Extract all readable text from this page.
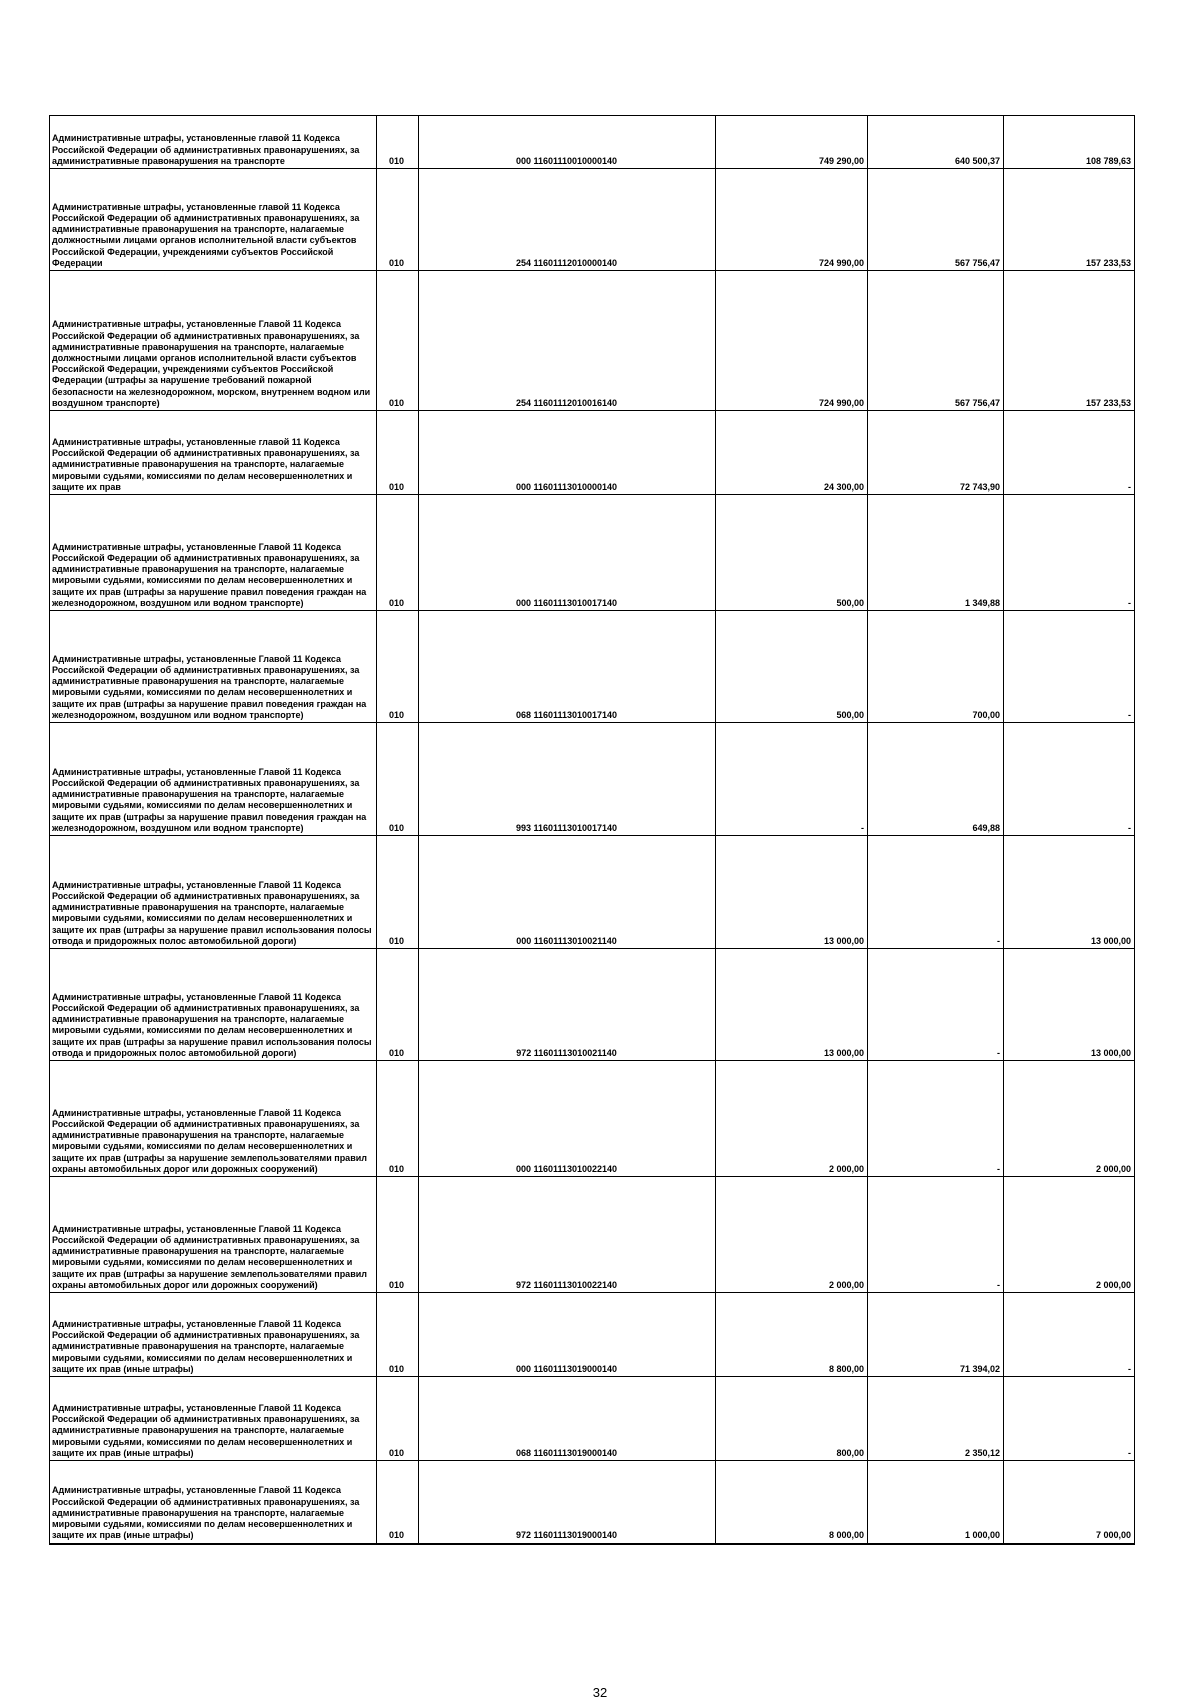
Административные штрафы, установленные главой 11 Кодекса Российской Федерации об административных правонарушениях, за административные правонарушения на транспорте	010	000 11601110010000140	749 290,00	640 500,37	108 789,63
Административные штрафы, установленные главой 11 Кодекса Российской Федерации об административных правонарушениях, за административные правонарушения на транспорте, налагаемые должностными лицами органов исполнительной власти субъектов Российской Федерации, учреждениями субъектов Российской Федерации	010	254 11601112010000140	724 990,00	567 756,47	157 233,53
Административные штрафы, установленные Главой 11 Кодекса Российской Федерации об административных правонарушениях, за административные правонарушения на транспорте, налагаемые должностными лицами органов исполнительной власти субъектов Российской Федерации, учреждениями субъектов Российской Федерации (штрафы за нарушение требований пожарной безопасности на железнодорожном, морском, внутреннем водном или воздушном транспорте)	010	254 11601112010016140	724 990,00	567 756,47	157 233,53
Административные штрафы, установленные главой 11 Кодекса Российской Федерации об административных правонарушениях, за административные правонарушения на транспорте, налагаемые мировыми судьями, комиссиями по делам несовершеннолетних и защите их прав	010	000 11601113010000140	24 300,00	72 743,90	-
Административные штрафы, установленные Главой 11 Кодекса Российской Федерации об административных правонарушениях, за административные правонарушения на транспорте, налагаемые мировыми судьями, комиссиями по делам несовершеннолетних и защите их прав (штрафы за нарушение правил поведения граждан на железнодорожном, воздушном или водном транспорте)	010	000 11601113010017140	500,00	1 349,88	-
Административные штрафы, установленные Главой 11 Кодекса Российской Федерации об административных правонарушениях, за административные правонарушения на транспорте, налагаемые мировыми судьями, комиссиями по делам несовершеннолетних и защите их прав (штрафы за нарушение правил поведения граждан на железнодорожном, воздушном или водном транспорте)	010	068 11601113010017140	500,00	700,00	-
Административные штрафы, установленные Главой 11 Кодекса Российской Федерации об административных правонарушениях, за административные правонарушения на транспорте, налагаемые мировыми судьями, комиссиями по делам несовершеннолетних и защите их прав (штрафы за нарушение правил поведения граждан на железнодорожном, воздушном или водном транспорте)	010	993 11601113010017140	-	649,88	-
Административные штрафы, установленные Главой 11 Кодекса Российской Федерации об административных правонарушениях, за административные правонарушения на транспорте, налагаемые мировыми судьями, комиссиями по делам несовершеннолетних и защите их прав (штрафы за нарушение правил использования полосы отвода и придорожных полос автомобильной дороги)	010	000 11601113010021140	13 000,00	-	13 000,00
Административные штрафы, установленные Главой 11 Кодекса Российской Федерации об административных правонарушениях, за административные правонарушения на транспорте, налагаемые мировыми судьями, комиссиями по делам несовершеннолетних и защите их прав (штрафы за нарушение правил использования полосы отвода и придорожных полос автомобильной дороги)	010	972 11601113010021140	13 000,00	-	13 000,00
Административные штрафы, установленные Главой 11 Кодекса Российской Федерации об административных правонарушениях, за административные правонарушения на транспорте, налагаемые мировыми судьями, комиссиями по делам несовершеннолетних и защите их прав (штрафы за нарушение землепользователями правил охраны автомобильных дорог или дорожных сооружений)	010	000 11601113010022140	2 000,00	-	2 000,00
Административные штрафы, установленные Главой 11 Кодекса Российской Федерации об административных правонарушениях, за административные правонарушения на транспорте, налагаемые мировыми судьями, комиссиями по делам несовершеннолетних и защите их прав (штрафы за нарушение землепользователями правил охраны автомобильных дорог или дорожных сооружений)	010	972 11601113010022140	2 000,00	-	2 000,00
Административные штрафы, установленные Главой 11 Кодекса Российской Федерации об административных правонарушениях, за административные правонарушения на транспорте, налагаемые мировыми судьями, комиссиями по делам несовершеннолетних и защите их прав (иные штрафы)	010	000 11601113019000140	8 800,00	71 394,02	-
Административные штрафы, установленные Главой 11 Кодекса Российской Федерации об административных правонарушениях, за административные правонарушения на транспорте, налагаемые мировыми судьями, комиссиями по делам несовершеннолетних и защите их прав (иные штрафы)	010	068 11601113019000140	800,00	2 350,12	-
Административные штрафы, установленные Главой 11 Кодекса Российской Федерации об административных правонарушениях, за административные правонарушения на транспорте, налагаемые мировыми судьями, комиссиями по делам несовершеннолетних и защите их прав (иные штрафы)	010	972 11601113019000140	8 000,00	1 000,00	7 000,00
32
